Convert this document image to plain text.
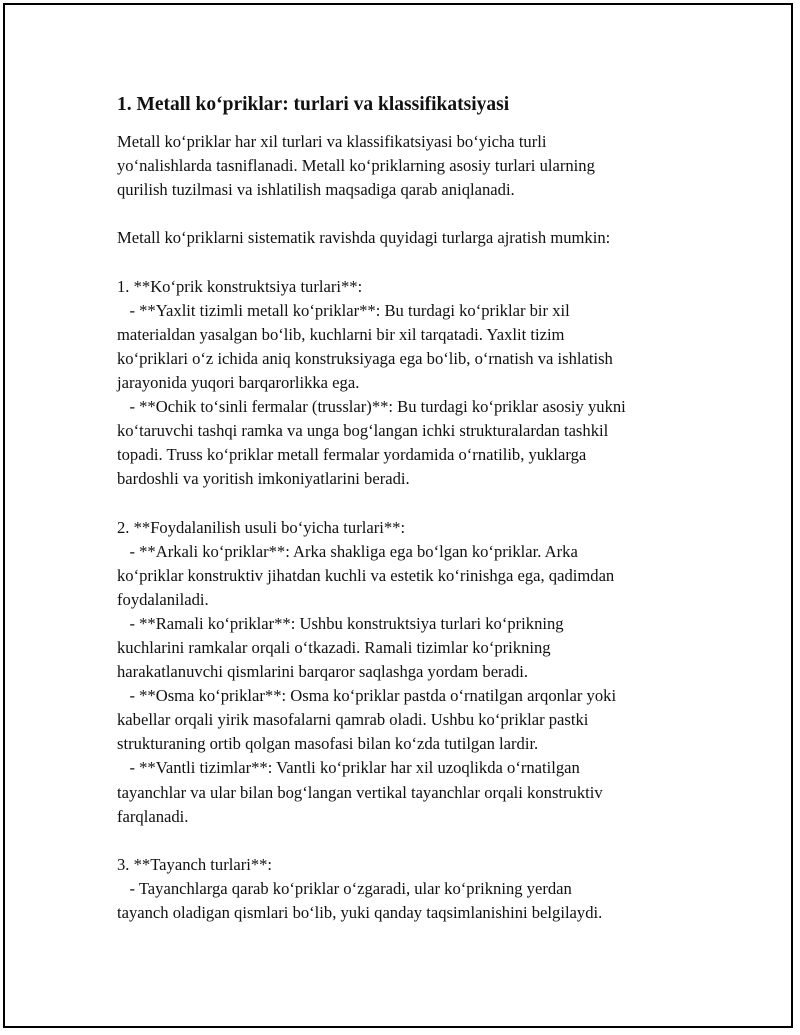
1. Metall ko‘priklar: turlari va klassifikatsiyasi
Metall ko‘priklar har xil turlari va klassifikatsiyasi bo‘yicha turli
yo‘nalishlarda tasniflanadi. Metall ko‘priklarning asosiy turlari ularning
qurilish tuzilmasi va ishlatilish maqsadiga qarab aniqlanadi.
Metall ko‘priklarni sistematik ravishda quyidagi turlarga ajratish mumkin:
1. **Ko‘prik konstruktsiya turlari**:
- **Yaxlit tizimli metall ko‘priklar**: Bu turdagi ko‘priklar bir xil
materialdan yasalgan bo‘lib, kuchlarni bir xil tarqatadi. Yaxlit tizim
ko‘priklari o‘z ichida aniq konstruksiyaga ega bo‘lib, o‘rnatish va ishlatish
jarayonida yuqori barqarorlikka ega.
- **Ochik to‘sinli fermalar (trusslar)**: Bu turdagi ko‘priklar asosiy yukni
ko‘taruvchi tashqi ramka va unga bog‘langan ichki strukturalardan tashkil
topadi. Truss ko‘priklar metall fermalar yordamida o‘rnatilib, yuklarga
bardoshli va yoritish imkoniyatlarini beradi.
2. **Foydalanilish usuli bo‘yicha turlari**:
- **Arkali ko‘priklar**: Arka shakliga ega bo‘lgan ko‘priklar. Arka
ko‘priklar konstruktiv jihatdan kuchli va estetik ko‘rinishga ega, qadimdan
foydalaniladi.
- **Ramali ko‘priklar**: Ushbu konstruktsiya turlari ko‘prikning
kuchlarini ramkalar orqali o‘tkazadi. Ramali tizimlar ko‘prikning
harakatlanuvchi qismlarini barqaror saqlashga yordam beradi.
- **Osma ko‘priklar**: Osma ko‘priklar pastda o‘rnatilgan arqonlar yoki
kabellar orqali yirik masofalarni qamrab oladi. Ushbu ko‘priklar pastki
strukturaning ortib qolgan masofasi bilan ko‘zda tutilgan lardir.
- **Vantli tizimlar**: Vantli ko‘priklar har xil uzoqlikda o‘rnatilgan
tayanchlar va ular bilan bog‘langan vertikal tayanchlar orqali konstruktiv
farqlanadi.
3. **Tayanch turlari**:
- Tayanchlarga qarab ko‘priklar o‘zgaradi, ular ko‘prikning yerdan
tayanch oladigan qismlari bo‘lib, yuki qanday taqsimlanishini belgilaydi.
